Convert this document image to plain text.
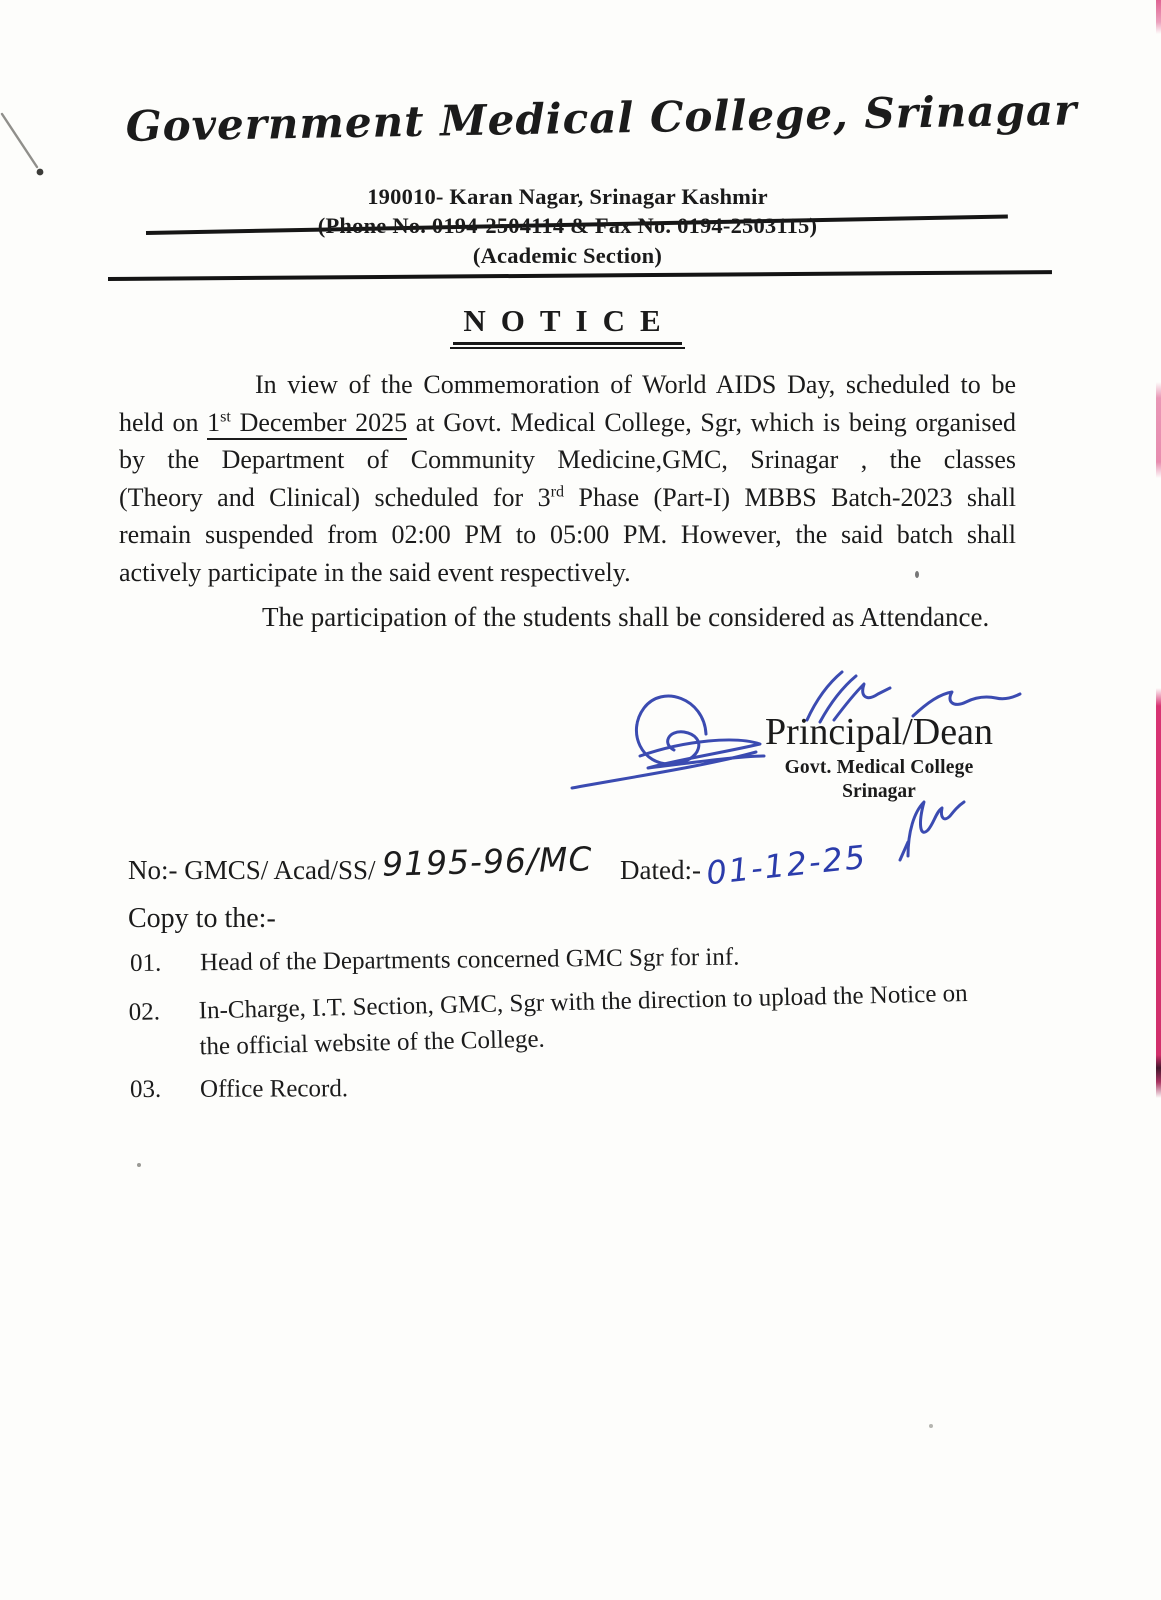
Government Medical College, Srinagar
190010- Karan Nagar, Srinagar Kashmir
(Phone No. 0194-2504114 & Fax No. 0194-2503115)
(Academic Section)
NOTICE
In view of the Commemoration of World AIDS Day, scheduled to be
held on 1st December 2025 at Govt. Medical College, Sgr, which is being organised
by the Department of Community Medicine,GMC, Srinagar , the classes
(Theory and Clinical) scheduled for 3rd Phase (Part-I) MBBS Batch-2023 shall
remain suspended from 02:00 PM to 05:00 PM. However, the said batch shall
actively participate in the said event respectively.
The participation of the students shall be considered as Attendance.
Principal/Dean
Govt. Medical College
Srinagar
No:- GMCS/ Acad/SS/ 9195-96/MC Dated:- 01-12-25
Copy to the:-
01.	Head of the Departments concerned GMC Sgr for inf.
02.	In-Charge, I.T. Section, GMC, Sgr with the direction to upload the Notice on
the official website of the College.
03.	Office Record.
